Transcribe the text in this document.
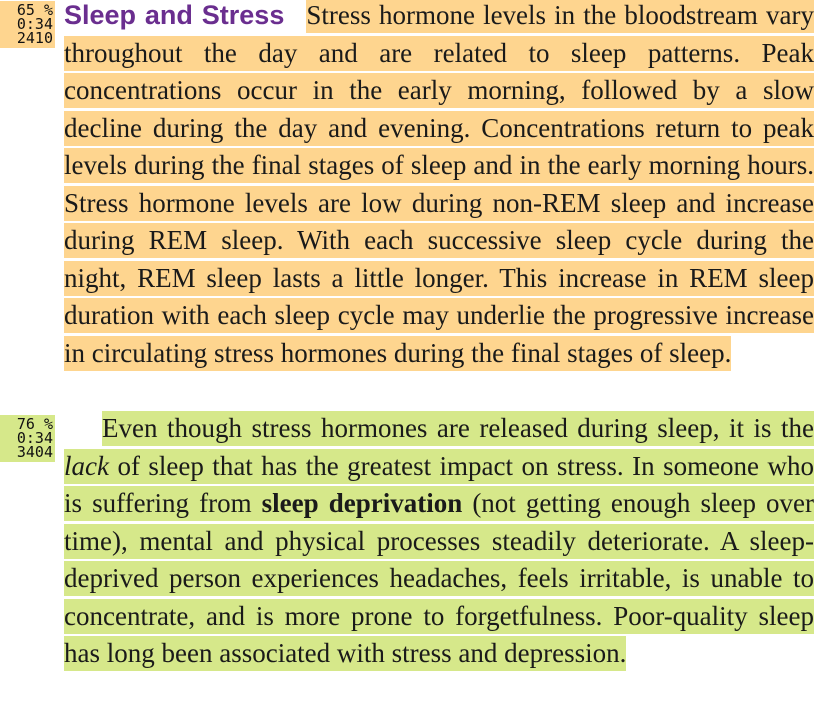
65 %
0:34
2410

Sleep and Stress Stress hormone levels in the bloodstream vary throughout the day and are related to sleep patterns. Peak concentrations occur in the early morning, followed by a slow decline during the day and evening. Concentrations return to peak levels during the final stages of sleep and in the early morning hours. Stress hormone levels are low during non-REM sleep and increase during REM sleep. With each successive sleep cycle during the night, REM sleep lasts a little longer. This increase in REM sleep duration with each sleep cycle may underlie the progressive increase in circulating stress hormones during the final stages of sleep.

76 %
0:34
3404

Even though stress hormones are released during sleep, it is the lack of sleep that has the greatest impact on stress. In someone who is suffering from sleep deprivation (not getting enough sleep over time), mental and physical processes steadily deteriorate. A sleep-deprived person experiences headaches, feels irritable, is unable to concentrate, and is more prone to forgetfulness. Poor-quality sleep has long been associated with stress and depression.
